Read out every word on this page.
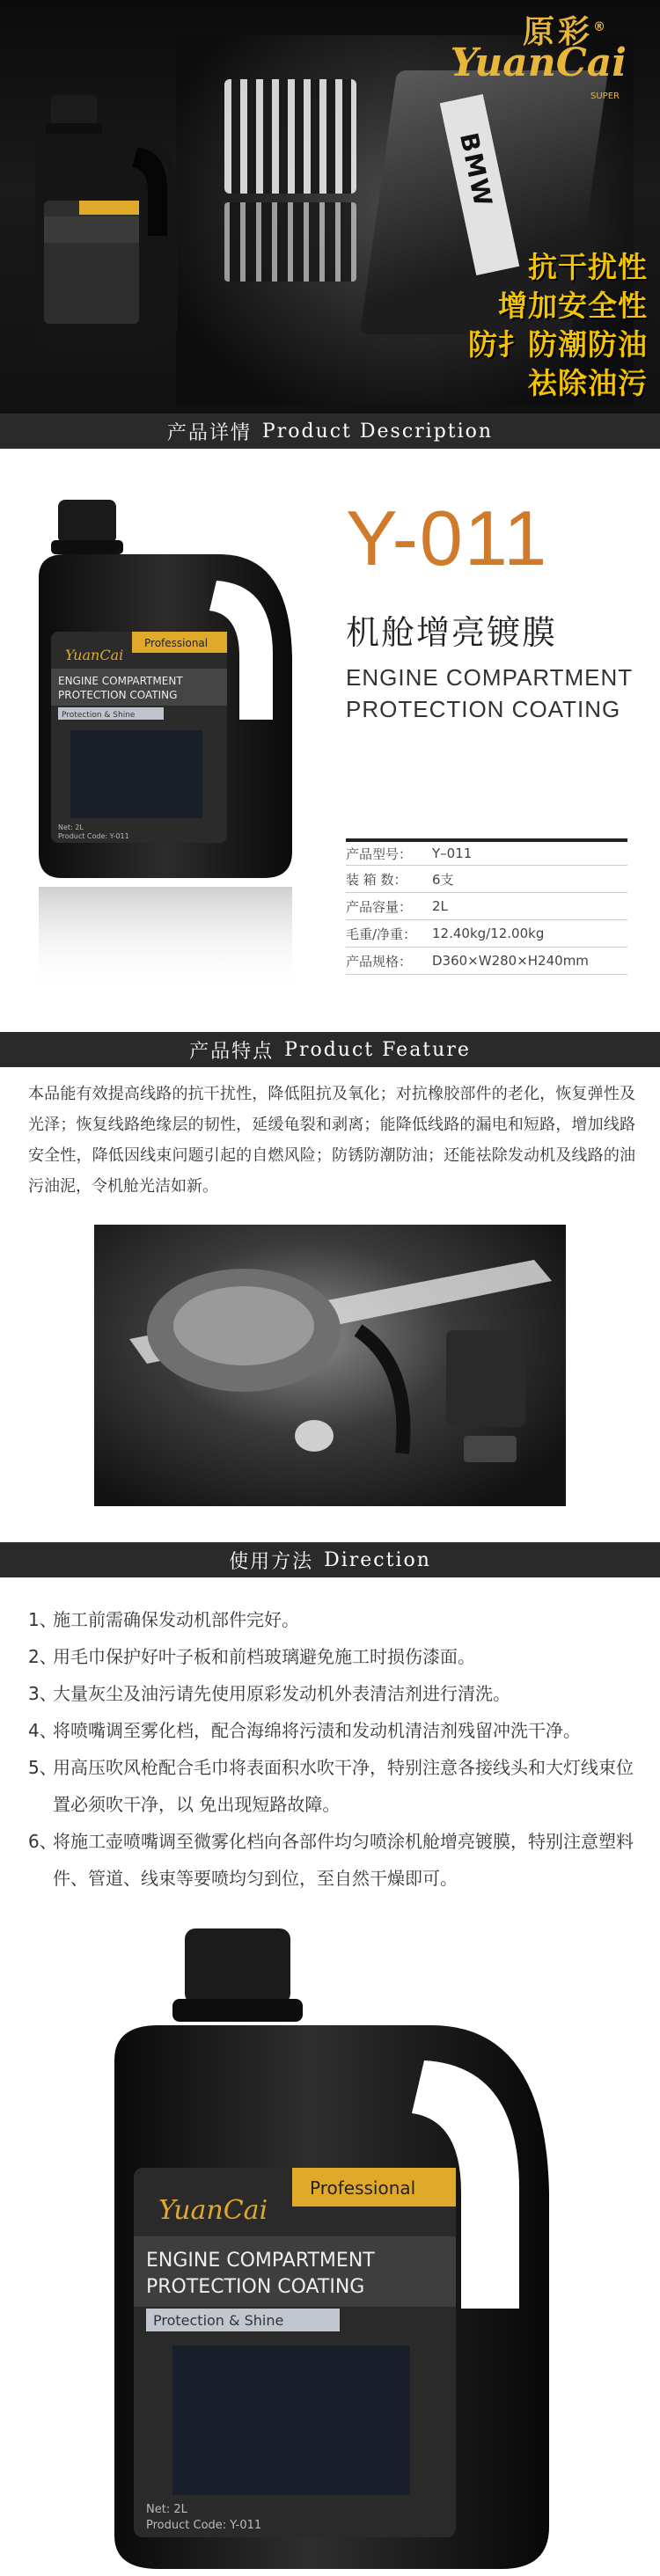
BMW
原彩®
YuanCai
SUPER
抗干扰性
增加安全性
防扌防潮防油
祛除油污
产品详情 Product Description
Professional
YuanCai
ENGINE COMPARTMENT
PROTECTION COATING
Protection & Shine
Net: 2L
Product Code: Y-011
Y-011
机舱增亮镀膜
ENGINE COMPARTMENT
PROTECTION COATING
产品型号：	Y–011
装 箱 数：	6支
产品容量：	2L
毛重/净重：	12.40kg/12.00kg
产品规格：	D360×W280×H240mm
产品特点 Product Feature
本品能有效提高线路的抗干扰性，降低阻抗及氧化；对抗橡胶部件的老化，恢复弹性及光泽；恢复线路绝缘层的韧性，延缓龟裂和剥离；能降低线路的漏电和短路，增加线路安全性，降低因线束问题引起的自燃风险；防锈防潮防油；还能祛除发动机及线路的油污油泥，令机舱光洁如新。
使用方法 Direction
1、
施工前需确保发动机部件完好。
2、
用毛巾保护好叶子板和前档玻璃避免施工时损伤漆面。
3、
大量灰尘及油污请先使用原彩发动机外表清洁剂进行清洗。
4、
将喷嘴调至雾化档，配合海绵将污渍和发动机清洁剂残留冲洗干净。
5、
用高压吹风枪配合毛巾将表面积水吹干净，特别注意各接线头和大灯线束位置必须吹干净，以 免出现短路故障。
6、
将施工壶喷嘴调至微雾化档向各部件均匀喷涂机舱增亮镀膜，特别注意塑料件、管道、线束等要喷均匀到位，至自然干燥即可。
Professional
YuanCai
ENGINE COMPARTMENT
PROTECTION COATING
Protection & Shine
Net: 2L
Product Code: Y-011
